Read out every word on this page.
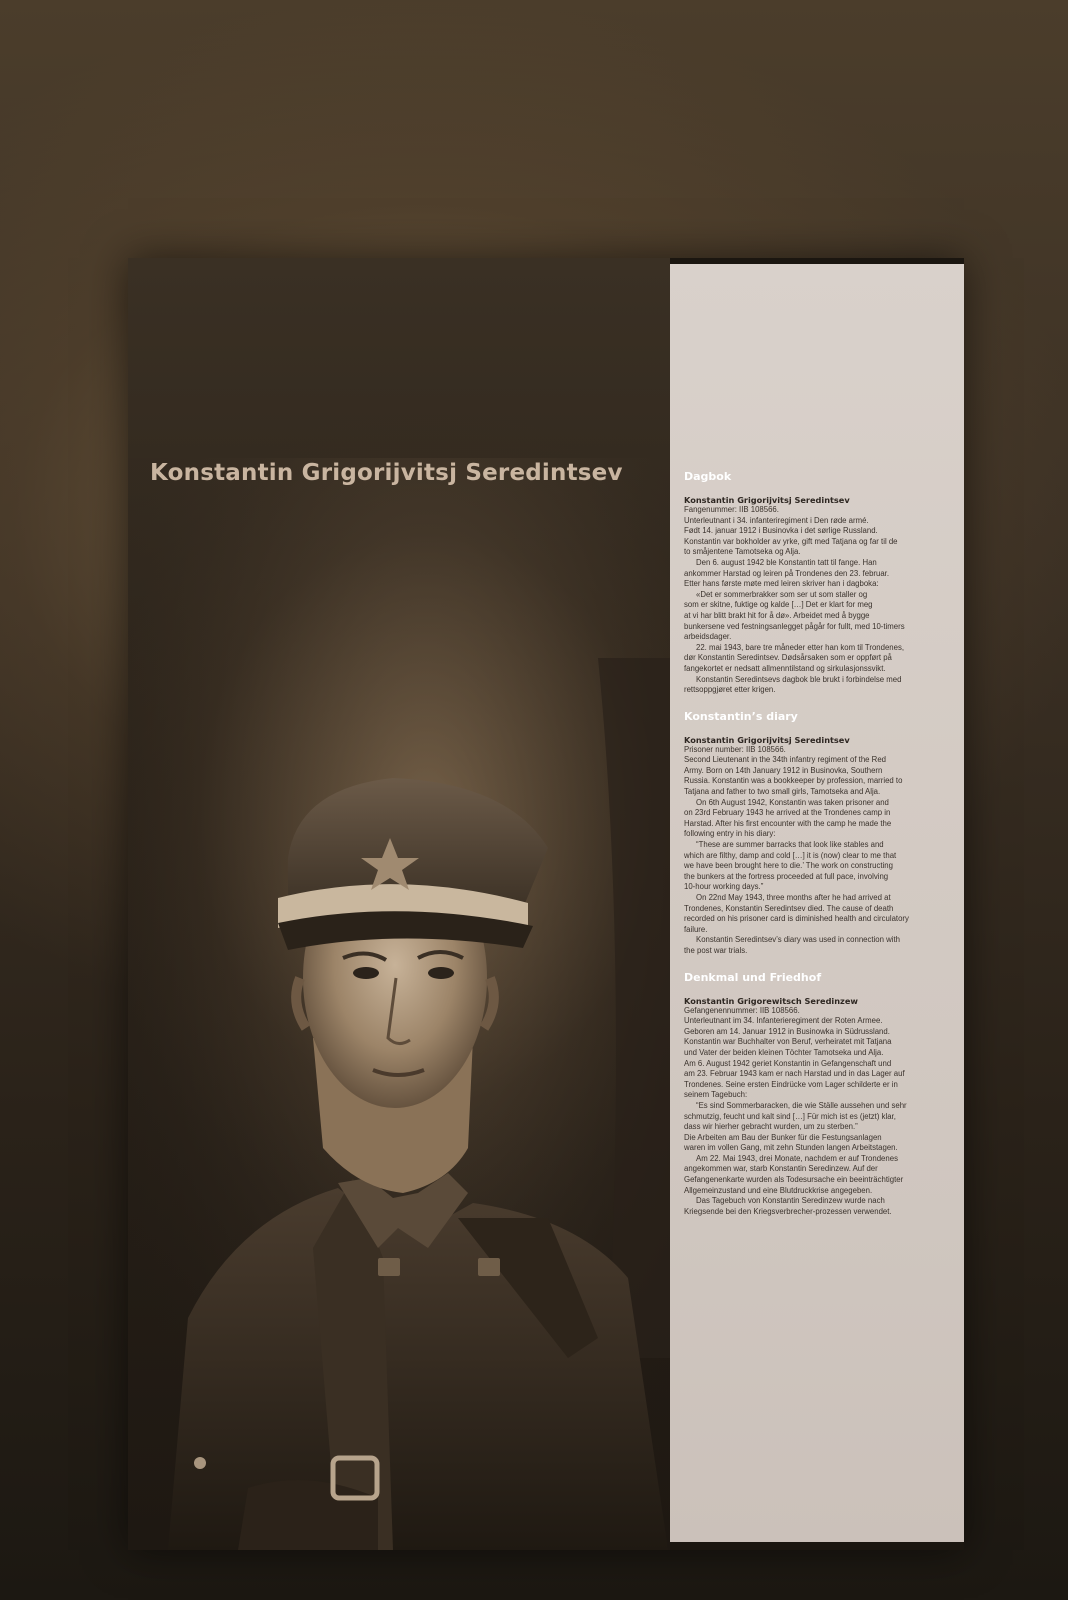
Konstantin Grigorijvitsj Seredintsev	Dagbok

Konstantin Grigorijvitsj Seredintsev

Fangenummer: IIB 108566.

Unterleutnant i 34. infanteriregiment i Den røde armé.

Født 14. januar 1912 i Businovka i det sørlige Russland.

Konstantin var bokholder av yrke, gift med Tatjana og far til de

to småjentene Tamotseka og Alja.

Den 6. august 1942 ble Konstantin tatt til fange. Han

ankommer Harstad og leiren på Trondenes den 23. februar.

Etter hans første møte med leiren skriver han i dagboka:

«Det er sommerbrakker som ser ut som staller og

som er skitne, fuktige og kalde […] Det er klart for meg

at vi har blitt brakt hit for å dø». Arbeidet med å bygge

bunkersene ved festningsanlegget pågår for fullt, med 10-timers

arbeidsdager.

22. mai 1943, bare tre måneder etter han kom til Trondenes,

dør Konstantin Seredintsev. Dødsårsaken som er oppført på

fangekortet er nedsatt allmenntilstand og sirkulasjonssvikt.

Konstantin Seredintsevs dagbok ble brukt i forbindelse med

rettsoppgjøret etter krigen.

Konstantin’s diary

Konstantin Grigorijvitsj Seredintsev

Prisoner number: IIB 108566.

Second Lieutenant in the 34th infantry regiment of the Red

Army. Born on 14th January 1912 in Businovka, Southern

Russia. Konstantin was a bookkeeper by profession, married to

Tatjana and father to two small girls, Tamotseka and Alja.

On 6th August 1942, Konstantin was taken prisoner and

on 23rd February 1943 he arrived at the Trondenes camp in

Harstad. After his first encounter with the camp he made the

following entry in his diary:

“These are summer barracks that look like stables and

which are filthy, damp and cold […] it is (now) clear to me that

we have been brought here to die.’ The work on constructing

the bunkers at the fortress proceeded at full pace, involving

10-hour working days.”

On 22nd May 1943, three months after he had arrived at

Trondenes, Konstantin Seredintsev died. The cause of death

recorded on his prisoner card is diminished health and circulatory

failure.

Konstantin Seredintsev’s diary was used in connection with

the post war trials.

Denkmal und Friedhof

Konstantin Grigorewitsch Seredinzew

Gefangenennummer: IIB 108566.

Unterleutnant im 34. Infanterieregiment der Roten Armee.

Geboren am 14. Januar 1912 in Businowka in Südrussland.

Konstantin war Buchhalter von Beruf, verheiratet mit Tatjana

und Vater der beiden kleinen Töchter Tamotseka und Alja.

Am 6. August 1942 geriet Konstantin in Gefangenschaft und

am 23. Februar 1943 kam er nach Harstad und in das Lager auf

Trondenes. Seine ersten Eindrücke vom Lager schilderte er in

seinem Tagebuch:

“Es sind Sommerbaracken, die wie Ställe aussehen und sehr

schmutzig, feucht und kalt sind […] Für mich ist es (jetzt) klar,

dass wir hierher gebracht wurden, um zu sterben.”

Die Arbeiten am Bau der Bunker für die Festungsanlagen

waren im vollen Gang, mit zehn Stunden langen Arbeitstagen.

Am 22. Mai 1943, drei Monate, nachdem er auf Trondenes

angekommen war, starb Konstantin Seredinzew. Auf der

Gefangenenkarte wurden als Todesursache ein beeinträchtigter

Allgemeinzustand und eine Blutdruckkrise angegeben.

Das Tagebuch von Konstantin Seredinzew wurde nach

Kriegsende bei den Kriegsverbrecher-prozessen verwendet.
